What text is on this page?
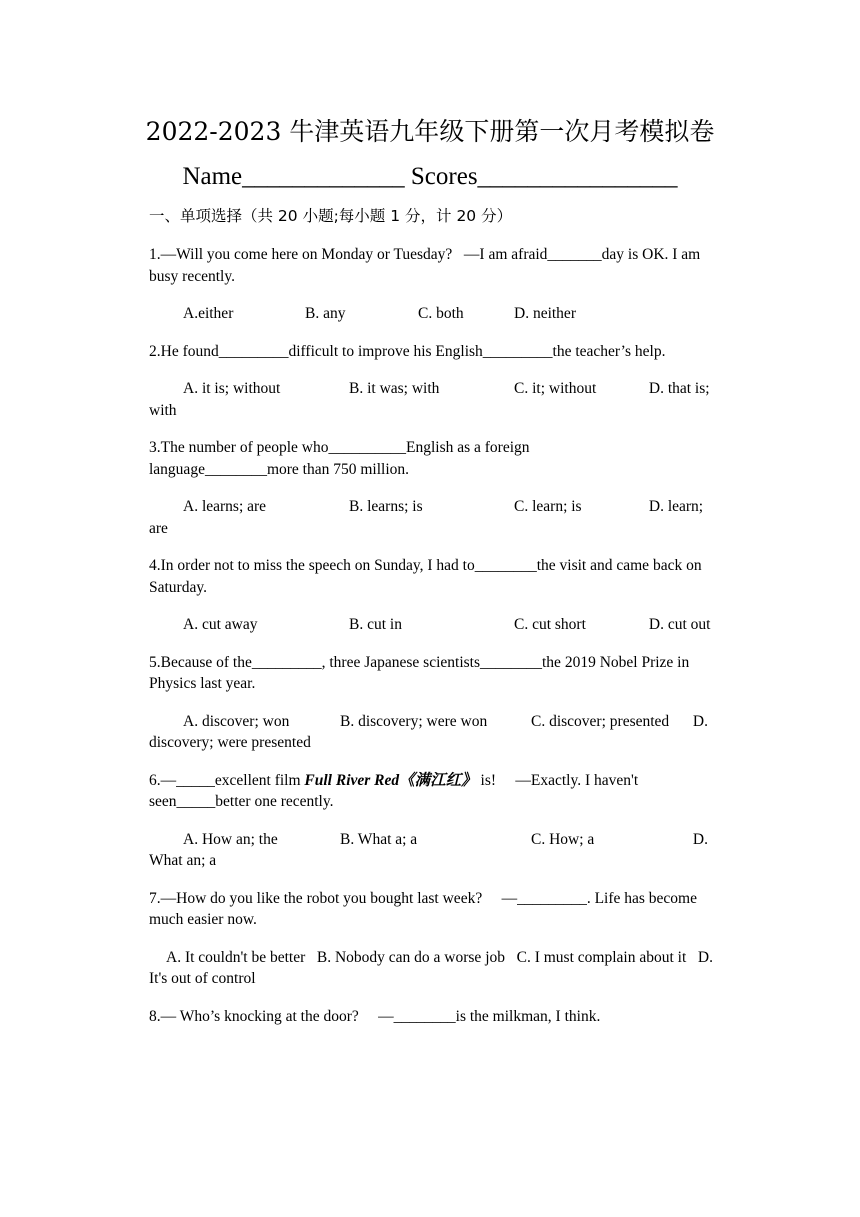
2022-2023 牛津英语九年级下册第一次月考模拟卷
Name_____________ Scores________________
一、单项选择（共 20 小题;每小题 1 分，计 20 分）

1.—Will you come here on Monday or Tuesday?   —I am afraid_______day is OK. I am busy recently.

A.either	B. any	C. both	D. neither

2.He found_________difficult to improve his English_________the teacher’s help.

A. it is; without	B. it was; with	C. it; without	D. that is; with

3.The number of people who__________English as a foreign language________more than 750 million.

A. learns; are	B. learns; is	C. learn; is	D. learn; are

4.In order not to miss the speech on Sunday, I had to________the visit and came back on Saturday.

A. cut away	B. cut in	C. cut short	D. cut out

5.Because of the_________, three Japanese scientists________the 2019 Nobel Prize in Physics last year.

A. discover; won	B. discovery; were won	C. discover; presented D. discovery; were presented

6.—_____excellent film Full River Red《满江红》 is!     —Exactly. I haven't seen_____better one recently.

A. How an; the	B. What a; a	C. How; a	D. What an; a

7.—How do you like the robot you bought last week?     —_________. Life has become much easier now.

A. It couldn't be better B. Nobody can do a worse job C. I must complain about it D. It's out of control

8.— Who’s knocking at the door?     —________is the milkman, I think.
